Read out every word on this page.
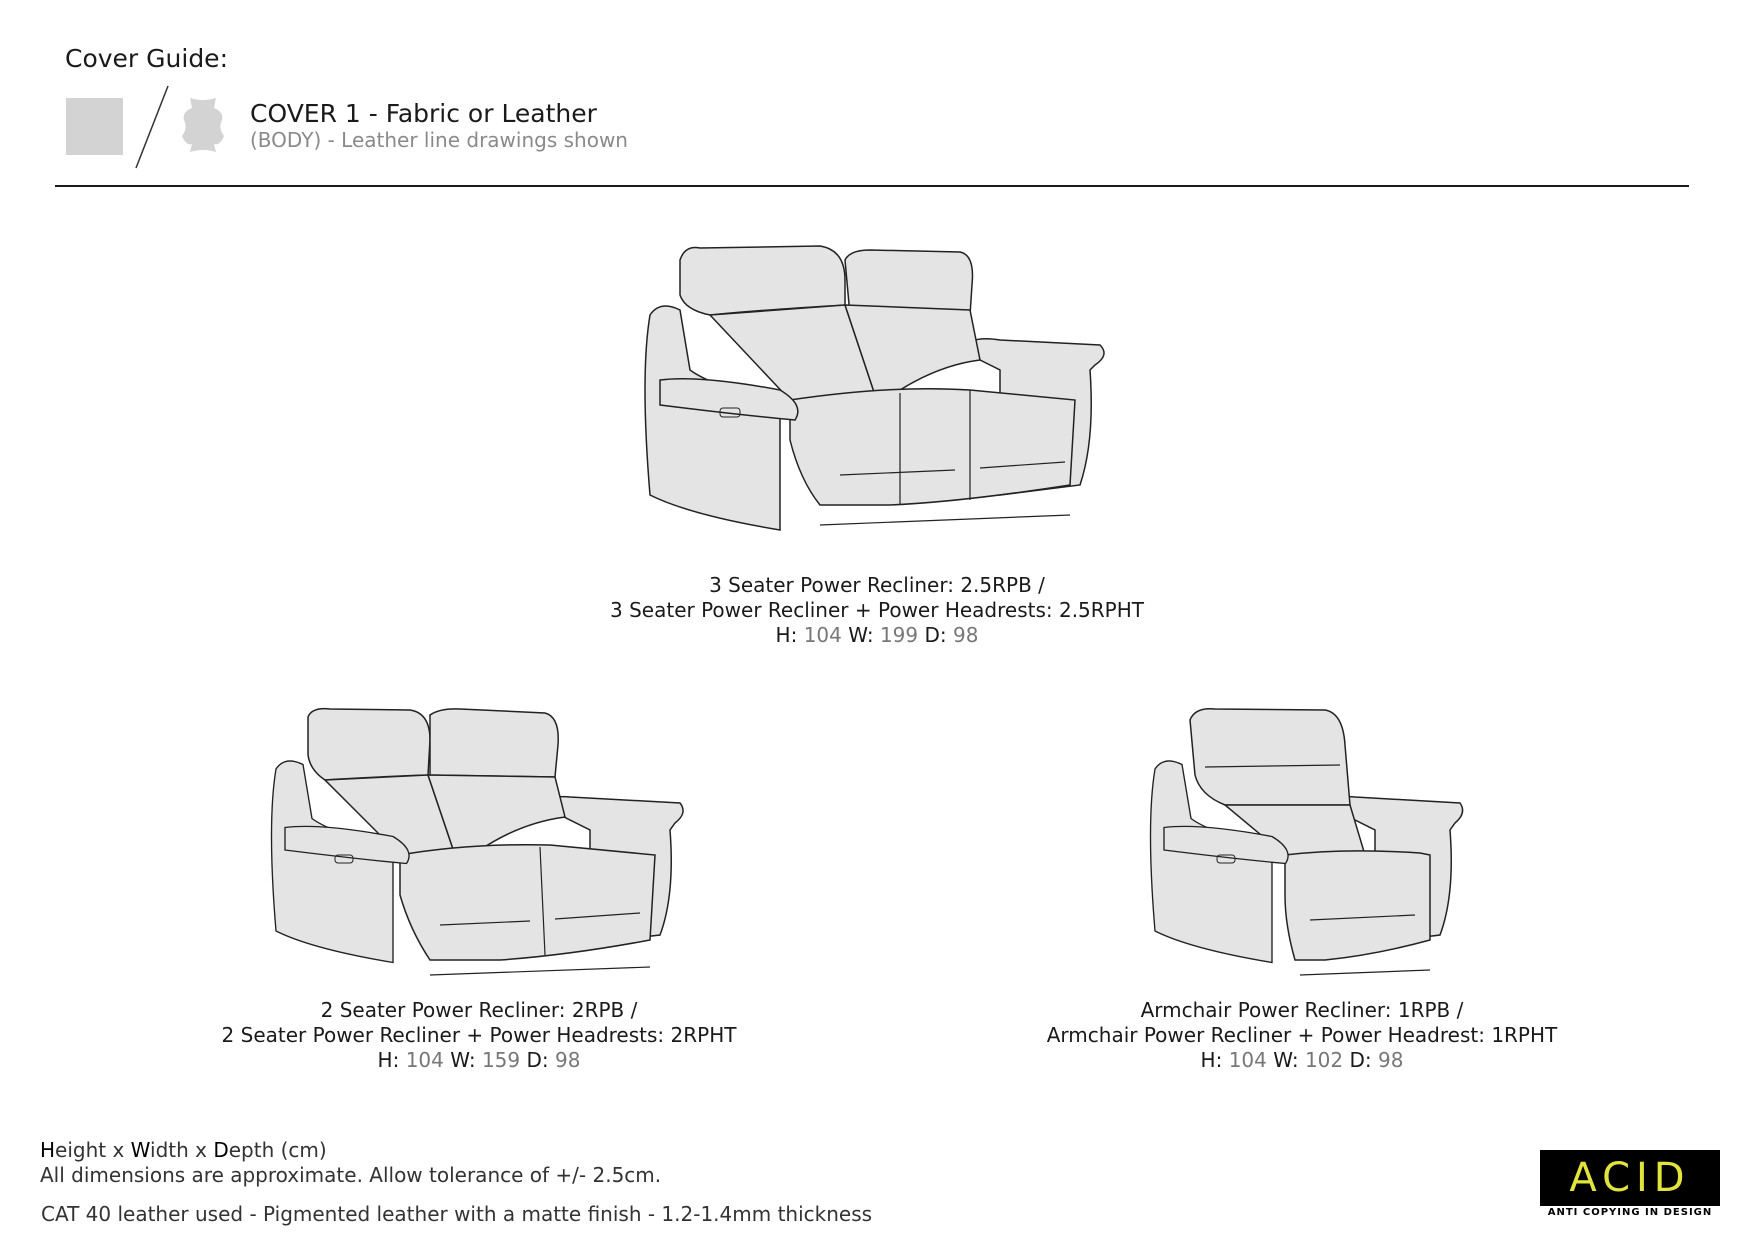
Cover Guide:
COVER 1 - Fabric or Leather
(BODY) - Leather line drawings shown
3 Seater Power Recliner: 2.5RPB /
3 Seater Power Recliner + Power Headrests: 2.5RPHT
H: 104 W: 199 D: 98
2 Seater Power Recliner: 2RPB /
2 Seater Power Recliner + Power Headrests: 2RPHT
H: 104 W: 159 D: 98
Armchair Power Recliner: 1RPB /
Armchair Power Recliner + Power Headrest: 1RPHT
H: 104 W: 102 D: 98
Height x Width x Depth (cm)
All dimensions are approximate. Allow tolerance of +/- 2.5cm.
CAT 40 leather used - Pigmented leather with a matte finish - 1.2-1.4mm thickness
ACID
ANTI COPYING IN DESIGN
